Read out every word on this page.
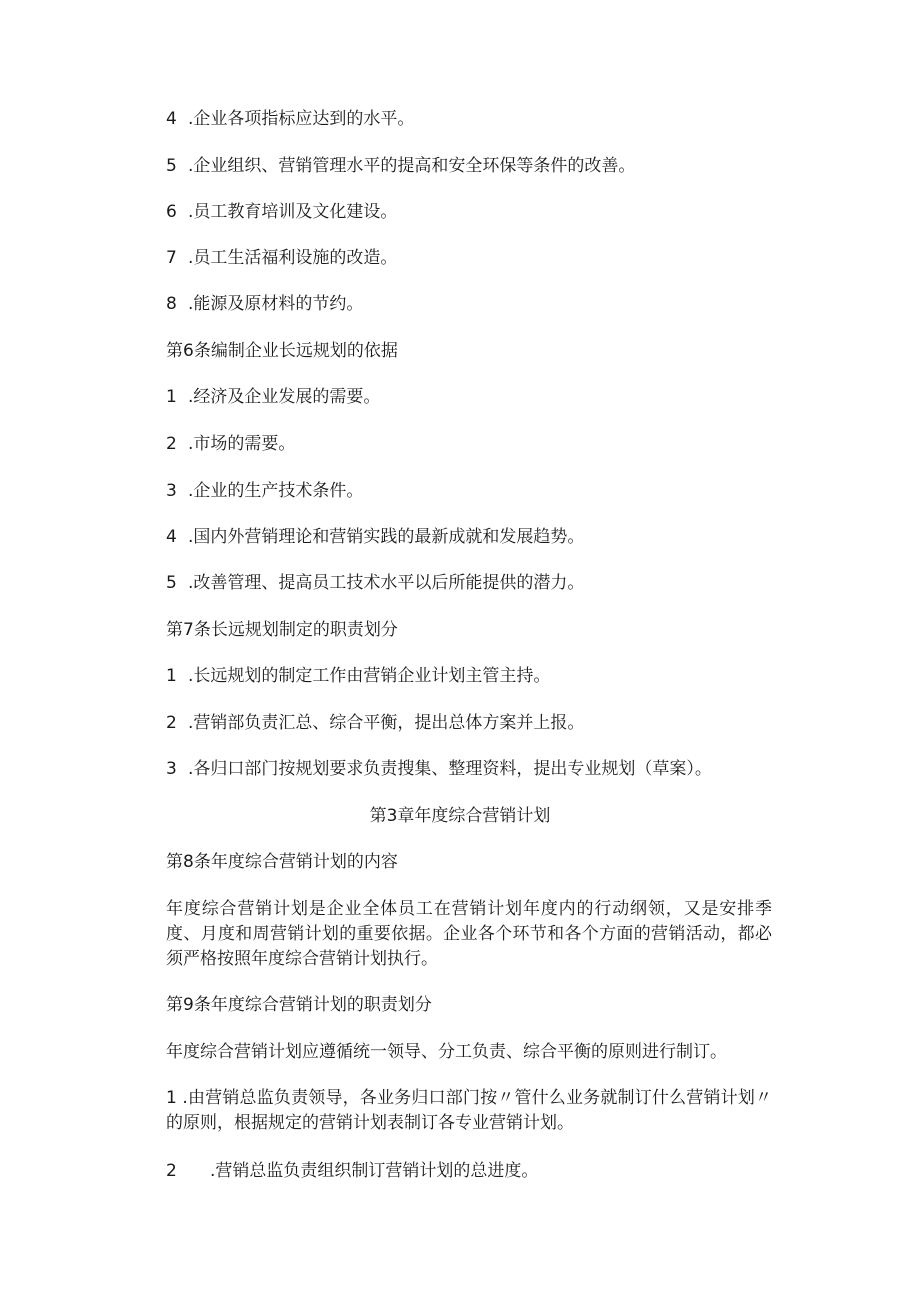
4 .企业各项指标应达到的水平。
5 .企业组织、营销管理水平的提高和安全环保等条件的改善。
6 .员工教育培训及文化建设。
7 .员工生活福利设施的改造。
8 .能源及原材料的节约。
第6条编制企业长远规划的依据
1 .经济及企业发展的需要。
2 .市场的需要。
3 .企业的生产技术条件。
4 .国内外营销理论和营销实践的最新成就和发展趋势。
5 .改善管理、提高员工技术水平以后所能提供的潜力。
第7条长远规划制定的职责划分
1 .长远规划的制定工作由营销企业计划主管主持。
2 .营销部负责汇总、综合平衡，提出总体方案并上报。
3 .各归口部门按规划要求负责搜集、整理资料，提出专业规划（草案）。
第3章年度综合营销计划
第8条年度综合营销计划的内容
年度综合营销计划是企业全体员工在营销计划年度内的行动纲领，又是安排季度、月度和周营销计划的重要依据。企业各个环节和各个方面的营销活动，都必须严格按照年度综合营销计划执行。
第9条年度综合营销计划的职责划分
年度综合营销计划应遵循统一领导、分工负责、综合平衡的原则进行制订。
1 .由营销总监负责领导，各业务归口部门按〃管什么业务就制订什么营销计划〃的原则，根据规定的营销计划表制订各专业营销计划。
2 .营销总监负责组织制订营销计划的总进度。
